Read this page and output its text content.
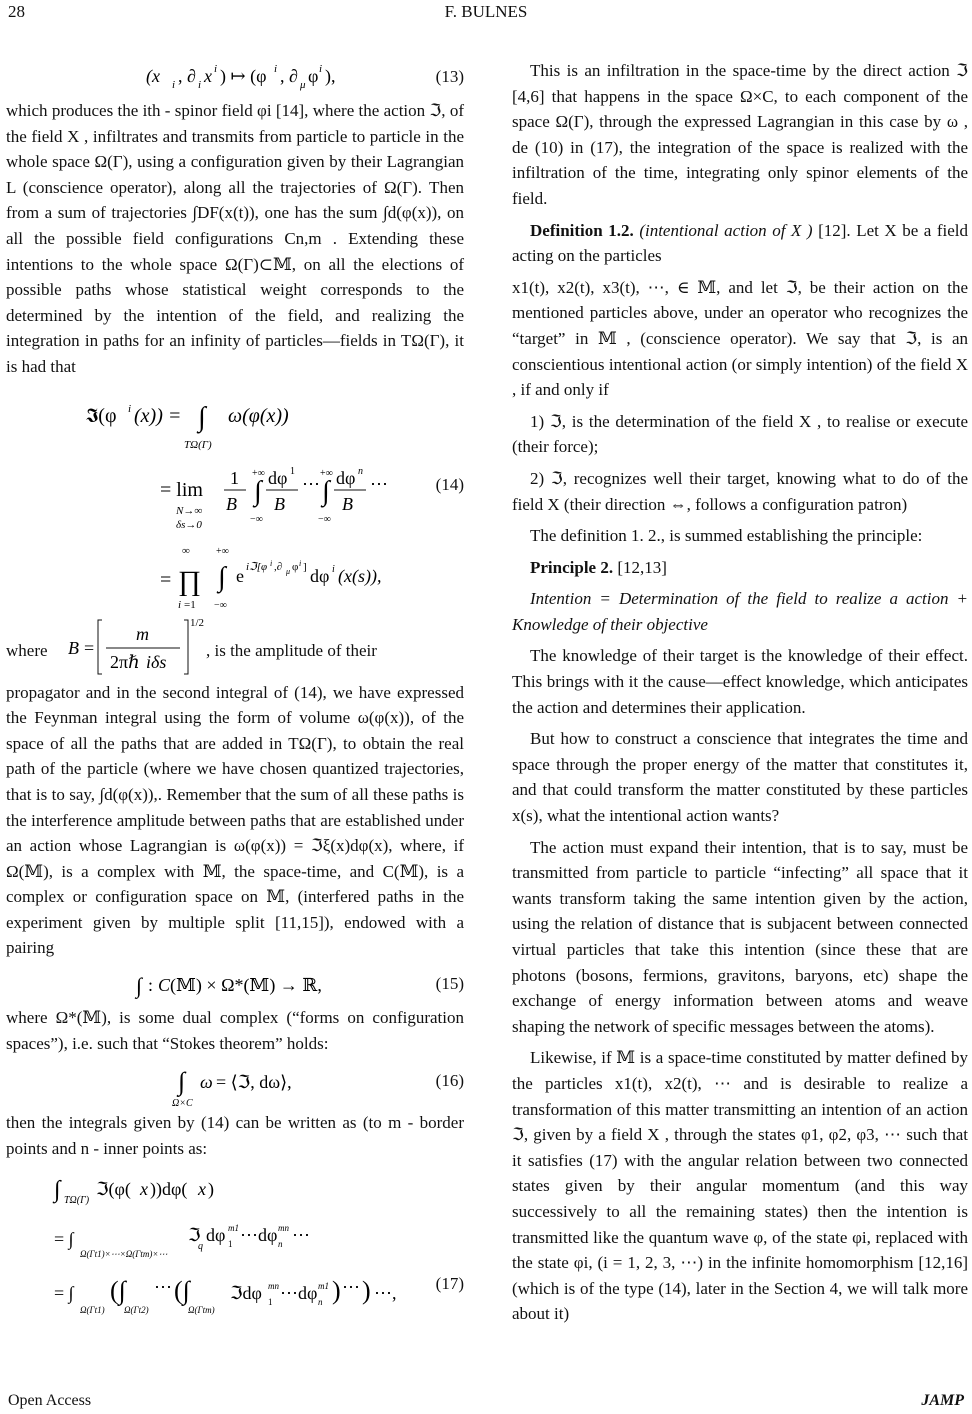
28	F. BULNES
(x i , ∂ i x i ) ↦ (φ i , ∂ μ φ i ),	(13)

which produces the ith - spinor field φi [14], where the action ℑ, of the field X , infiltrates and transmits from particle to particle in the whole space Ω(Γ), using a configuration given by their Lagrangian L (conscience operator), along all the trajectories of Ω(Γ). Then from a sum of trajectories ∫DF(x(t)), one has the sum ∫d(φ(x)), on all the possible field configurations Cn,m . Extending these intentions to the whole space Ω(Γ)⊂𝕄, on all the elections of possible paths whose statistical weight corresponds to the determined by the intention of the field, and realizing the integration in paths for an infinity of particles—fields in TΩ(Γ), it is had that

𝕴(φ i (x)) = ∫
TΩ(Γ)
ω(φ(x))
= lim
N→∞
δs→0
1
B
+∞
∫
−∞
dφ 1
B
⋯
+∞
∫
−∞
dφ n
B
⋯
=
∞
∏
i =1
+∞
∫
−∞
e iℑ[φ i ,∂ μ φ i ] dφ i (x(s)),
(14)
where B =
m
2πℏ iδs
1/2
, is the amplitude of their

propagator and in the second integral of (14), we have expressed the Feynman integral using the form of volume ω(φ(x)), of the space of all the paths that are added in TΩ(Γ), to obtain the real path of the particle (where we have chosen quantized trajectories, that is to say, ∫d(φ(x)),. Remember that the sum of all these paths is the interference amplitude between paths that are established under an action whose Lagrangian is ω(φ(x)) = ℑξ(x)dφ(x), where, if Ω(𝕄), is a complex with 𝕄, the space-time, and C(𝕄), is a complex or configuration space on 𝕄, (interfered paths in the experiment given by multiple split [11,15]), endowed with a pairing

∫ : C (𝕄) × Ω*(𝕄) → ℝ,	(15)

where Ω*(𝕄), is some dual complex (“forms on configuration spaces”), i.e. such that “Stokes theorem” holds:

∫
Ω×C
ω = ⟨ℑ, dω⟩,	(16)

then the integrals given by (14) can be written as (to m - border points and n - inner points as:

∫ TΩ(Γ)
ℑ(φ( x ))dφ( x )
= ∫
Ω(Γt1)×⋯×Ω(Γtm)×⋯
ℑ
q
dφ m1
1 ⋯dφ mn
n ⋯
= ∫
Ω(Γt1)
(∫
Ω(Γt2)
⋯ (∫
Ω(Γtm)
ℑdφ mn
1 ⋯dφ m1
n ) ⋯ ) ⋯, (17)

This is an infiltration in the space-time by the direct action ℑ [4,6] that happens in the space Ω×C, to each component of the space Ω(Γ), through the expressed Lagrangian in this case by ω , de (10) in (17), the integration of the space is realized with the infiltration of the time, integrating only spinor elements of the field.

Definition 1.2. (intentional action of X ) [12]. Let X be a field acting on the particles

x1(t), x2(t), x3(t), ⋯, ∈ 𝕄, and let ℑ, be their action on the mentioned particles above, under an operator who recognizes the “target” in 𝕄 , (conscience operator). We say that ℑ, is an conscientious intentional action (or simply intention) of the field X , if and only if

1) ℑ, is the determination of the field X , to realise or execute (their force);

2) ℑ, recognizes well their target, knowing what to do of the field X (their direction ⇔, follows a configuration patron)

The definition 1. 2., is summed establishing the principle:

Principle 2. [12,13]

Intention = Determination of the field to realize a action + Knowledge of their objective

The knowledge of their target is the knowledge of their effect. This brings with it the cause—effect knowledge, which anticipates the action and determines their application.

But how to construct a conscience that integrates the time and space through the proper energy of the matter that constitutes it, and that could transform the matter constituted by these particles x(s), what the intentional action wants?

The action must expand their intention, that is to say, must be transmitted from particle to particle “infecting” all space that it wants transform taking the same intention given by the action, using the relation of distance that is subjacent between connected virtual particles that take this intention (since these that are photons (bosons, fermions, gravitons, baryons, etc) shape the exchange of energy information between atoms and weave shaping the network of specific messages between the atoms).

Likewise, if 𝕄 is a space-time constituted by matter defined by the particles x1(t), x2(t), ⋯ and is desirable to realize a transformation of this matter transmitting an intention of an action ℑ, given by a field X , through the states φ1, φ2, φ3, ⋯ such that it satisfies (17) with the angular relation between two connected states given by their angular momentum (and this way successively to all the remaining states) then the intention is transmitted like the quantum wave φ, of the state φi, replaced with the state φi, (i = 1, 2, 3, ⋯) in the infinite homomorphism [12,16] (which is of the type (14), later in the Section 4, we will talk more about it)

Open Access	JAMP
